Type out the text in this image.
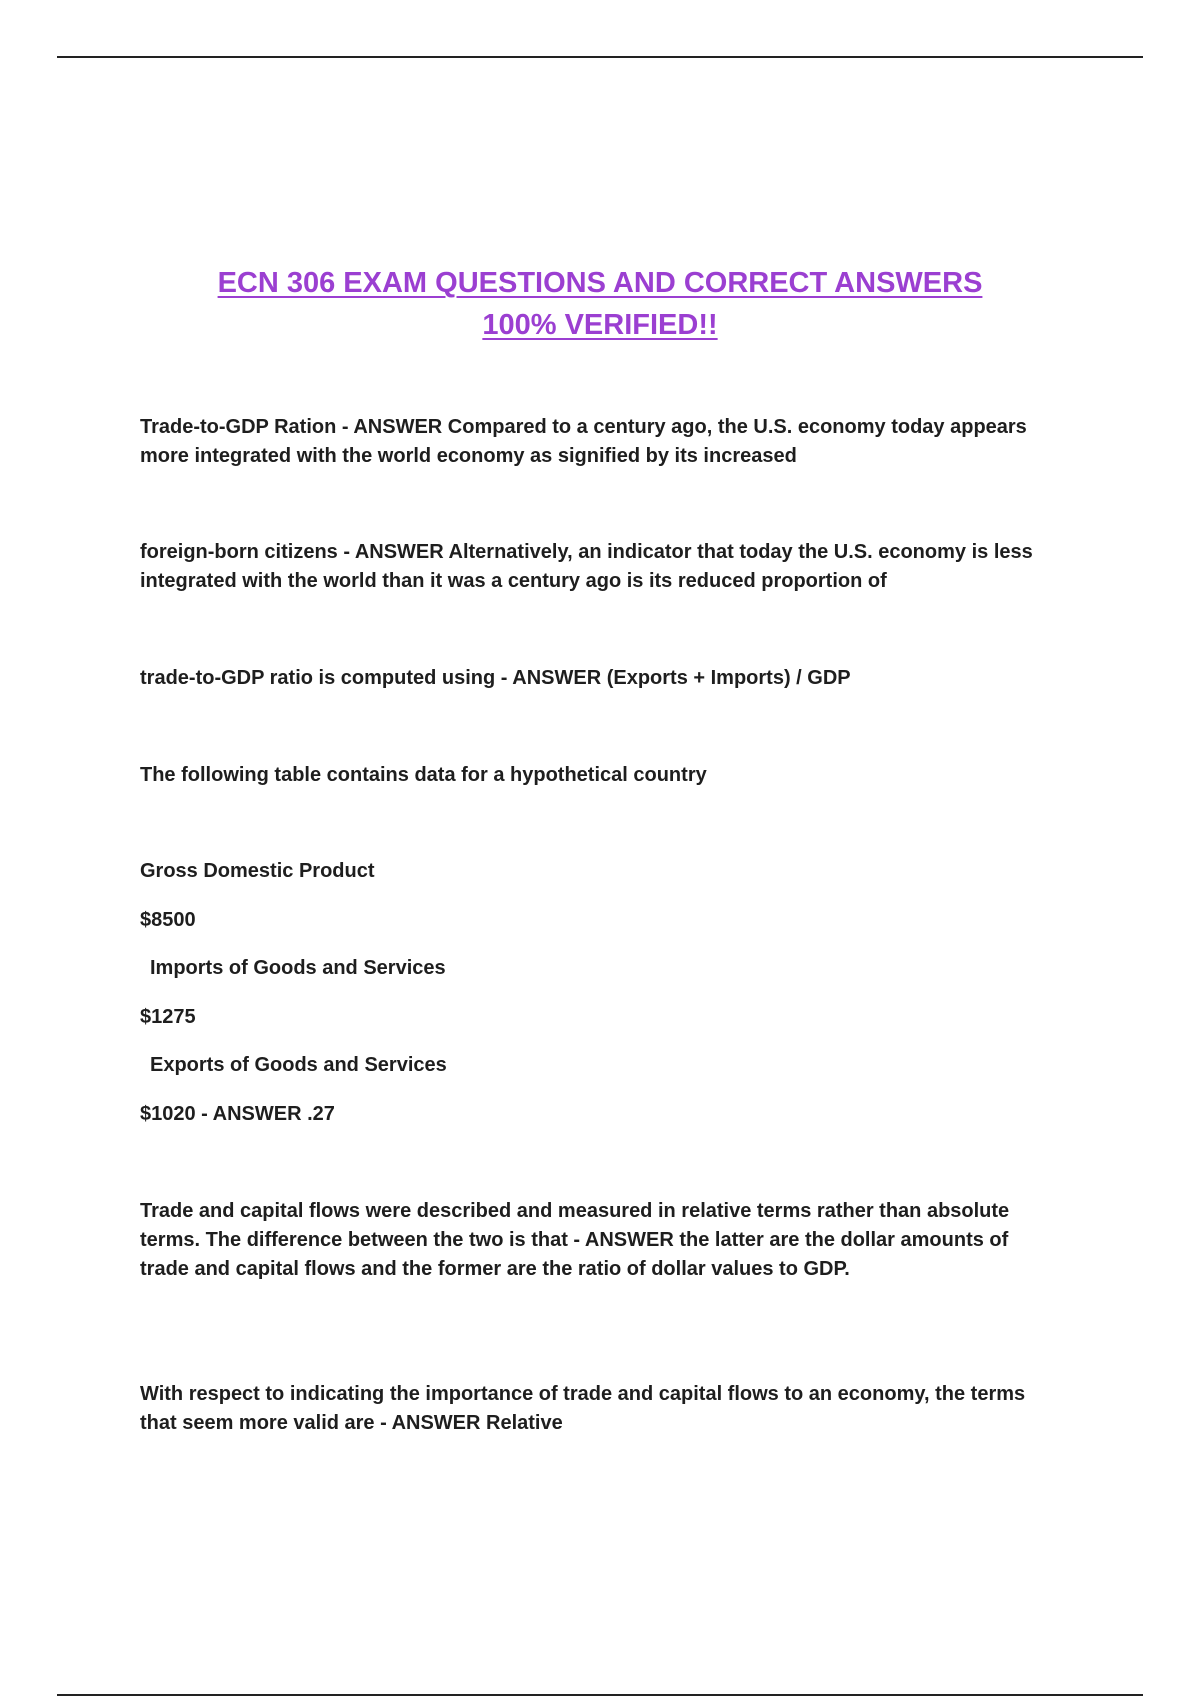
ECN 306 EXAM QUESTIONS AND CORRECT ANSWERS
100% VERIFIED!!
Trade-to-GDP Ration - ANSWER Compared to a century ago, the U.S. economy today appears more integrated with the world economy as signified by its increased
foreign-born citizens - ANSWER Alternatively, an indicator that today the U.S. economy is less integrated with the world than it was a century ago is its reduced proportion of
trade-to-GDP ratio is computed using - ANSWER (Exports + Imports) / GDP
The following table contains data for a hypothetical country
Gross Domestic Product
$8500
Imports of Goods and Services
$1275
Exports of Goods and Services
$1020 - ANSWER .27
Trade and capital flows were described and measured in relative terms rather than absolute terms. The difference between the two is that - ANSWER the latter are the dollar amounts of trade and capital flows and the former are the ratio of dollar values to GDP.
With respect to indicating the importance of trade and capital flows to an economy, the terms that seem more valid are - ANSWER Relative
